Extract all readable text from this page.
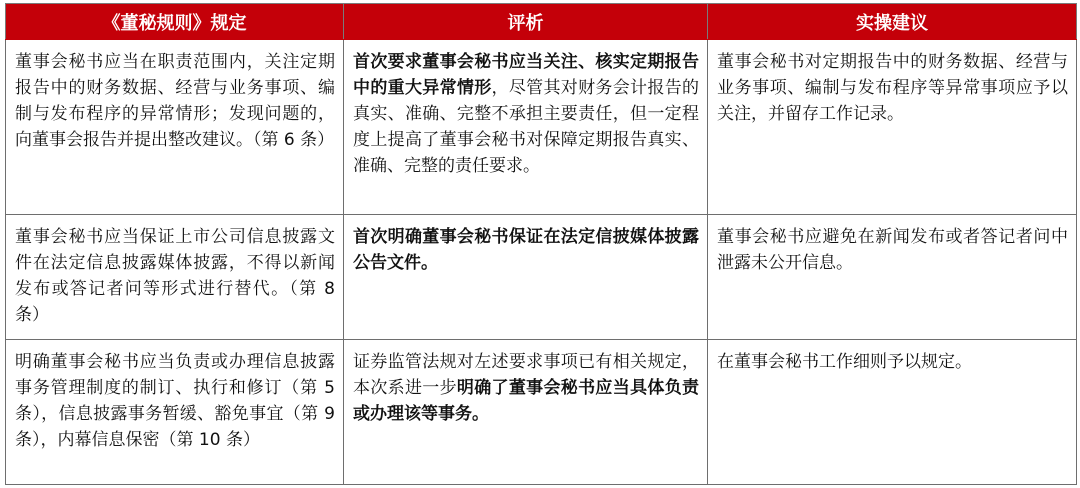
《董秘规则》规定	评析	实操建议
董事会秘书应当在职责范围内，关注定期报告中的财务数据、经营与业务事项、编制与发布程序的异常情形；发现问题的，向董事会报告并提出整改建议。（第 6 条）	首次要求董事会秘书应当关注、核实定期报告中的重大异常情形，尽管其对财务会计报告的真实、准确、完整不承担主要责任，但一定程度上提高了董事会秘书对保障定期报告真实、准确、完整的责任要求。	董事会秘书对定期报告中的财务数据、经营与业务事项、编制与发布程序等异常事项应予以关注，并留存工作记录。
董事会秘书应当保证上市公司信息披露文件在法定信息披露媒体披露，不得以新闻发布或答记者问等形式进行替代。（第 8 条）	首次明确董事会秘书保证在法定信披媒体披露公告文件。	董事会秘书应避免在新闻发布或者答记者问中泄露未公开信息。
明确董事会秘书应当负责或办理信息披露事务管理制度的制订、执行和修订（第 5 条），信息披露事务暂缓、豁免事宜（第 9 条），内幕信息保密（第 10 条）	证券监管法规对左述要求事项已有相关规定，本次系进一步明确了董事会秘书应当具体负责或办理该等事务。	在董事会秘书工作细则予以规定。
